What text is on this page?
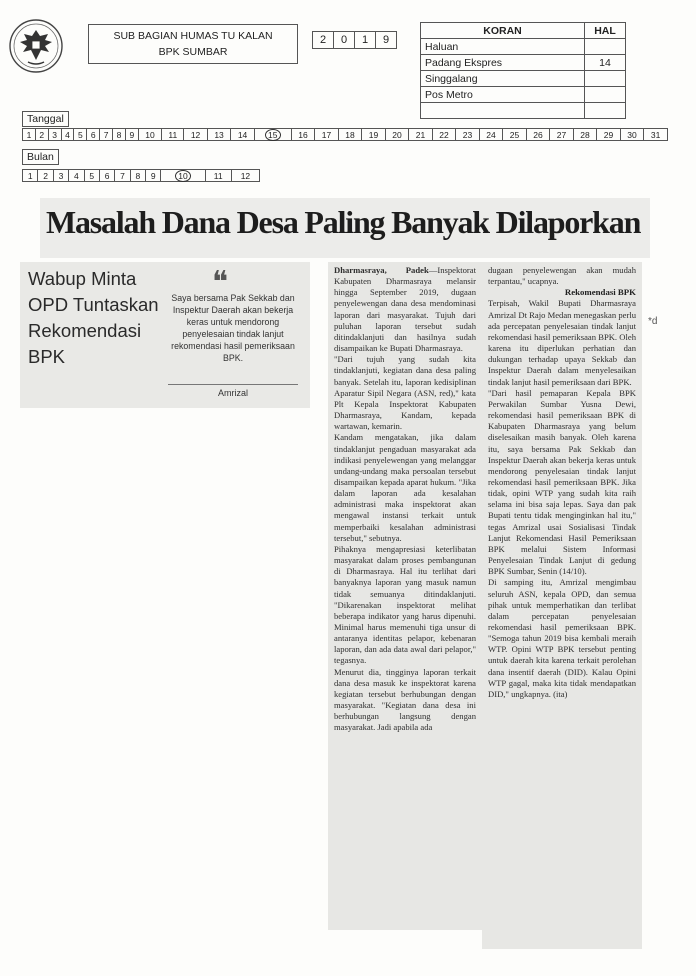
SUB BAGIAN HUMAS TU KALAN
BPK SUMBAR
2	0	1	9
KORAN	HAL
Haluan	
Padang Ekspres	14
Singgalang	
Pos Metro	

Tanggal
1	2	3	4	5	6	7	8	9	10	11	12	13	14	15	16	17	18	19	20	21	22	23	24	25	26	27	28	29	30	31
Bulan
1	2	3	4	5	6	7	8	9	10	11	12
Masalah Dana Desa Paling Banyak Dilaporkan
Wabup Minta
OPD Tuntaskan
Rekomendasi
BPK
❝
Saya bersama Pak Sekkab dan Inspektur Daerah akan bekerja keras untuk mendorong penyelesaian tindak lanjut rekomendasi hasil pemeriksaan BPK.
Amrizal
Dharmasraya, Padek—Inspektorat Kabupaten Dharmasraya melansir hingga September 2019, dugaan penyelewengan dana desa mendominasi laporan dari masyarakat. Tujuh dari puluhan laporan tersebut sudah ditindaklanjuti dan hasilnya sudah disampaikan ke Bupati Dharmasraya.
"Dari tujuh yang sudah kita tindaklanjuti, kegiatan dana desa paling banyak. Setelah itu, laporan kedisiplinan Aparatur Sipil Negara (ASN, red)," kata Plt Kepala Inspektorat Kabupaten Dharmasraya, Kandam, kepada wartawan, kemarin.
Kandam mengatakan, jika dalam tindaklanjut pengaduan masyarakat ada indikasi penyelewengan yang melanggar undang-undang maka persoalan tersebut disampaikan kepada aparat hukum. "Jika dalam laporan ada kesalahan administrasi maka inspektorat akan mengawal instansi terkait untuk memperbaiki kesalahan administrasi tersebut," sebutnya.
Pihaknya mengapresiasi keterlibatan masyarakat dalam proses pembangunan di Dharmasraya. Hal itu terlihat dari banyaknya laporan yang masuk namun tidak semuanya ditindaklanjuti. "Dikarenakan inspektorat melihat beberapa indikator yang harus dipenuhi. Minimal harus memenuhi tiga unsur di antaranya identitas pelapor, kebenaran laporan, dan ada data awal dari pelapor," tegasnya.
Menurut dia, tingginya laporan terkait dana desa masuk ke inspektorat karena kegiatan tersebut berhubungan dengan masyarakat. "Kegiatan dana desa ini berhubungan langsung dengan masyarakat. Jadi apabila ada
dugaan penyelewengan akan mudah terpantau," ucapnya.

Rekomendasi BPK
Terpisah, Wakil Bupati Dharmasraya Amrizal Dt Rajo Medan menegaskan perlu ada percepatan penyelesaian tindak lanjut rekomendasi hasil pemeriksaan BPK. Oleh karena itu diperlukan perhatian dan dukungan terhadap upaya Sekkab dan Inspektur Daerah dalam menyelesaikan tindak lanjut hasil pemeriksaan dari BPK.
"Dari hasil pemaparan Kepala BPK Perwakilan Sumbar Yusna Dewi, rekomendasi hasil pemeriksaan BPK di Kabupaten Dharmasraya yang belum diselesaikan masih banyak. Oleh karena itu, saya bersama Pak Sekkab dan Inspektur Daerah akan bekerja keras untuk mendorong penyelesaian tindak lanjut rekomendasi hasil pemeriksaan BPK. Jika tidak, opini WTP yang sudah kita raih selama ini bisa saja lepas. Saya dan pak Bupati tentu tidak menginginkan hal itu," tegas Amrizal usai Sosialisasi Tindak Lanjut Rekomendasi Hasil Pemeriksaan BPK melalui Sistem Informasi Penyelesaian Tindak Lanjut di gedung BPK Sumbar, Senin (14/10).
Di samping itu, Amrizal mengimbau seluruh ASN, kepala OPD, dan semua pihak untuk memperhatikan dan terlibat dalam percepatan penyelesaian rekomendasi hasil pemeriksaan BPK. "Semoga tahun 2019 bisa kembali meraih WTP. Opini WTP BPK tersebut penting untuk daerah kita karena terkait perolehan dana insentif daerah (DID). Kalau Opini WTP gagal, maka kita tidak mendapatkan DID," ungkapnya. (ita)
*d
